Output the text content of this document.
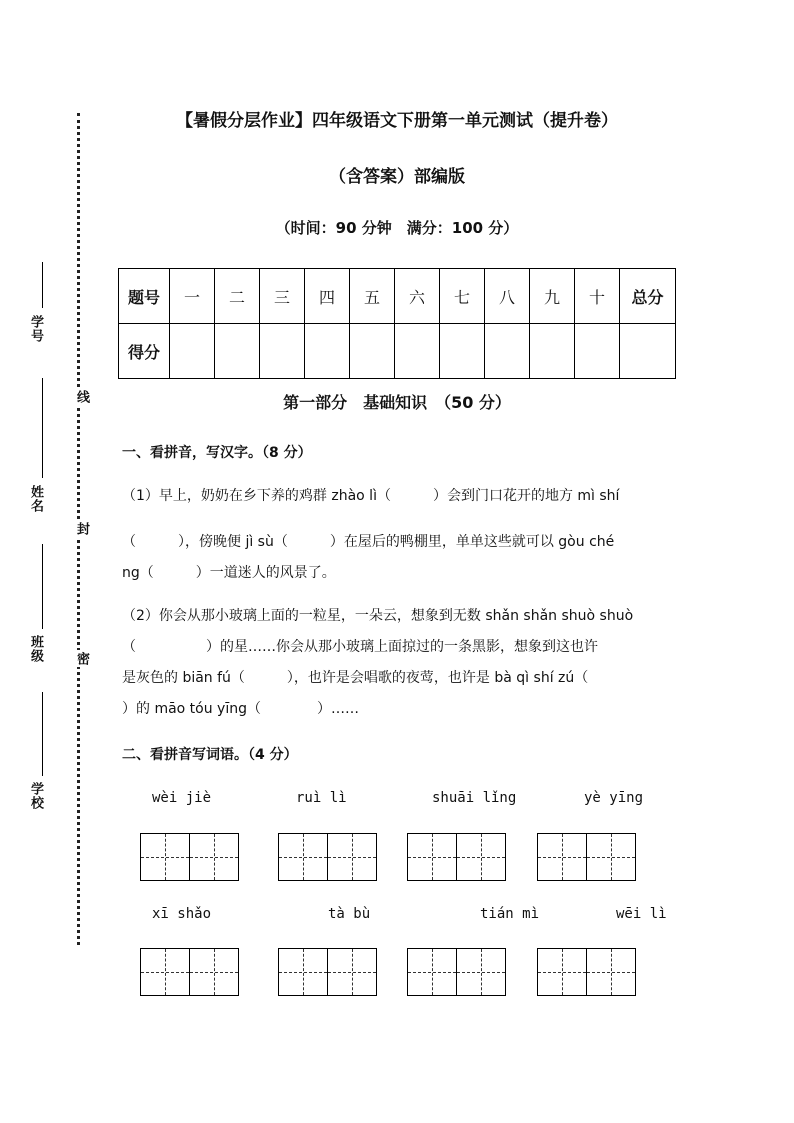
学号
姓名
班级
学校
线
封
密
【暑假分层作业】四年级语文下册第一单元测试（提升卷）
（含答案）部编版
（时间：90 分钟　满分：100 分）
题号	一	二	三	四	五	六	七	八	九	十	总分
得分											
第一部分　基础知识　（50 分）
一、看拼音，写汉字。（8 分）
（1）早上，奶奶在乡下养的鸡群 zhào lì（　　　）会到门口花开的地方 mì shí
（　　　），傍晚便 jì sù（　　　）在屋后的鸭棚里，单单这些就可以 gòu ché
ng（　　　）一道迷人的风景了。
（2）你会从那小玻璃上面的一粒星，一朵云，想象到无数 shǎn shǎn shuò shuò
（　　　　　）的星……你会从那小玻璃上面掠过的一条黑影，想象到这也许
是灰色的 biān fú（　　　），也许是会唱歌的夜莺，也许是 bà qì shí zú（
）的 māo tóu yīng（　　　　）……
二、看拼音写词语。（4 分）
wèi jiè	ruì lì	shuāi lǐng	yè yīng
xī shǎo	tà bù	tián mì	wēi lì
